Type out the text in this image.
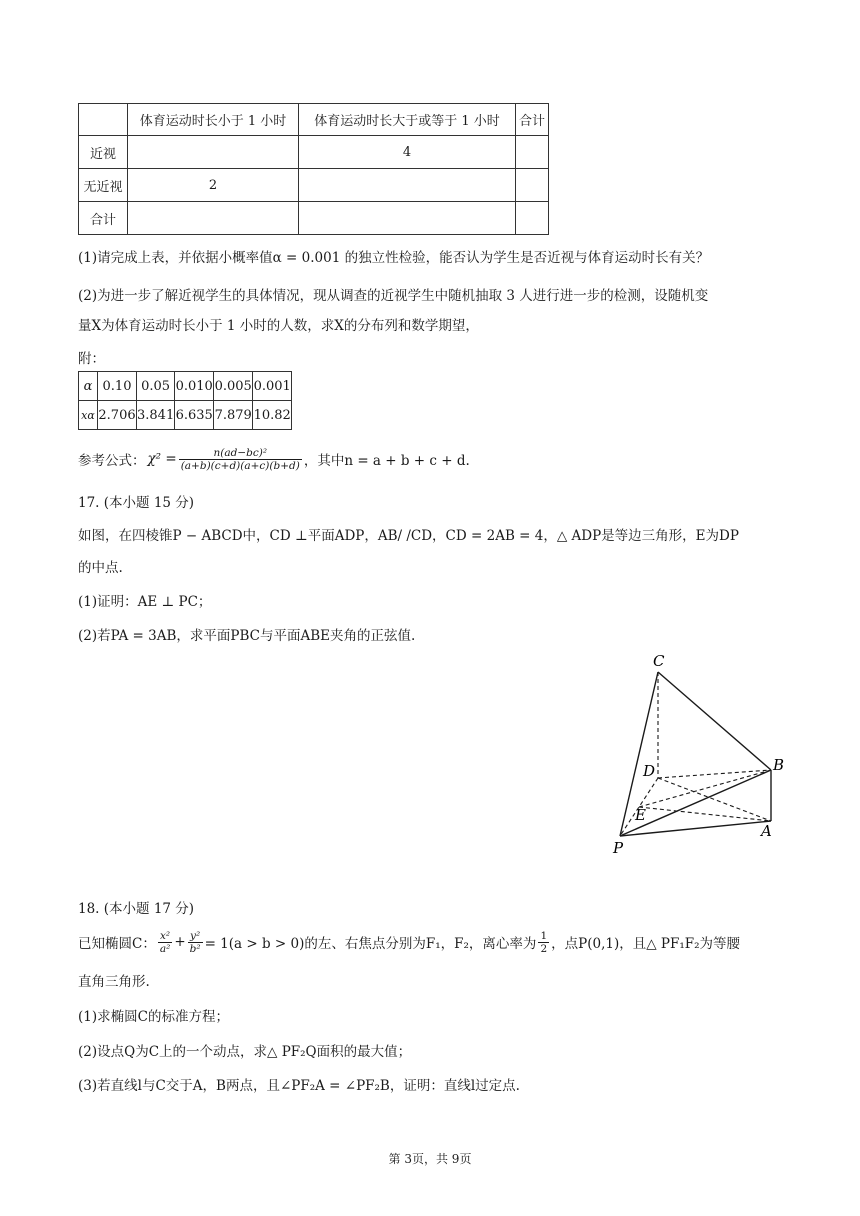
	体育运动时长小于 1 小时	体育运动时长大于或等于 1 小时	合计
近视		4	
无近视	2		
合计			
(1)请完成上表，并依据小概率值α = 0.001 的独立性检验，能否认为学生是否近视与体育运动时长有关？
(2)为进一步了解近视学生的具体情况，现从调查的近视学生中随机抽取 3 人进行进一步的检测，设随机变
量X为体育运动时长小于 1 小时的人数，求X的分布列和数学期望，
附：
α	0.10	0.05	0.010	0.005	0.001
xα	2.706	3.841	6.635	7.879	10.82
参考公式： $\chi^2 = \frac{\text{n(ad−bc)²}}{(a+b)(c+d)(a+c)(b+d)}$ ，其中n = a + b + c + d.
17. (本小题 15 分)
如图，在四棱锥P − ABCD中，CD ⊥平面ADP，AB/ /CD，CD = 2AB = 4，△ ADP是等边三角形，E为DP
的中点.
(1)证明：AE ⊥ PC；
(2)若PA = 3AB，求平面PBC与平面ABE夹角的正弦值.
C
D	B
E
A
P
18. (本小题 17 分)
已知椭圆C： $\frac{\text{x²}}{\text{a²}} + \frac{\text{y²}}{\text{b²}} = 1(a > b > 0)$的左、右焦点分别为F₁，F₂，离心率为 $\frac{1}{2}$ ，点P(0,1)，且△ PF₁F₂为等腰
直角三角形.
(1)求椭圆C的标准方程；
(2)设点Q为C上的一个动点，求△ PF₂Q面积的最大值；
(3)若直线l与C交于A，B两点，且∠PF₂A = ∠PF₂B，证明：直线l过定点.
第 3页，共 9页
